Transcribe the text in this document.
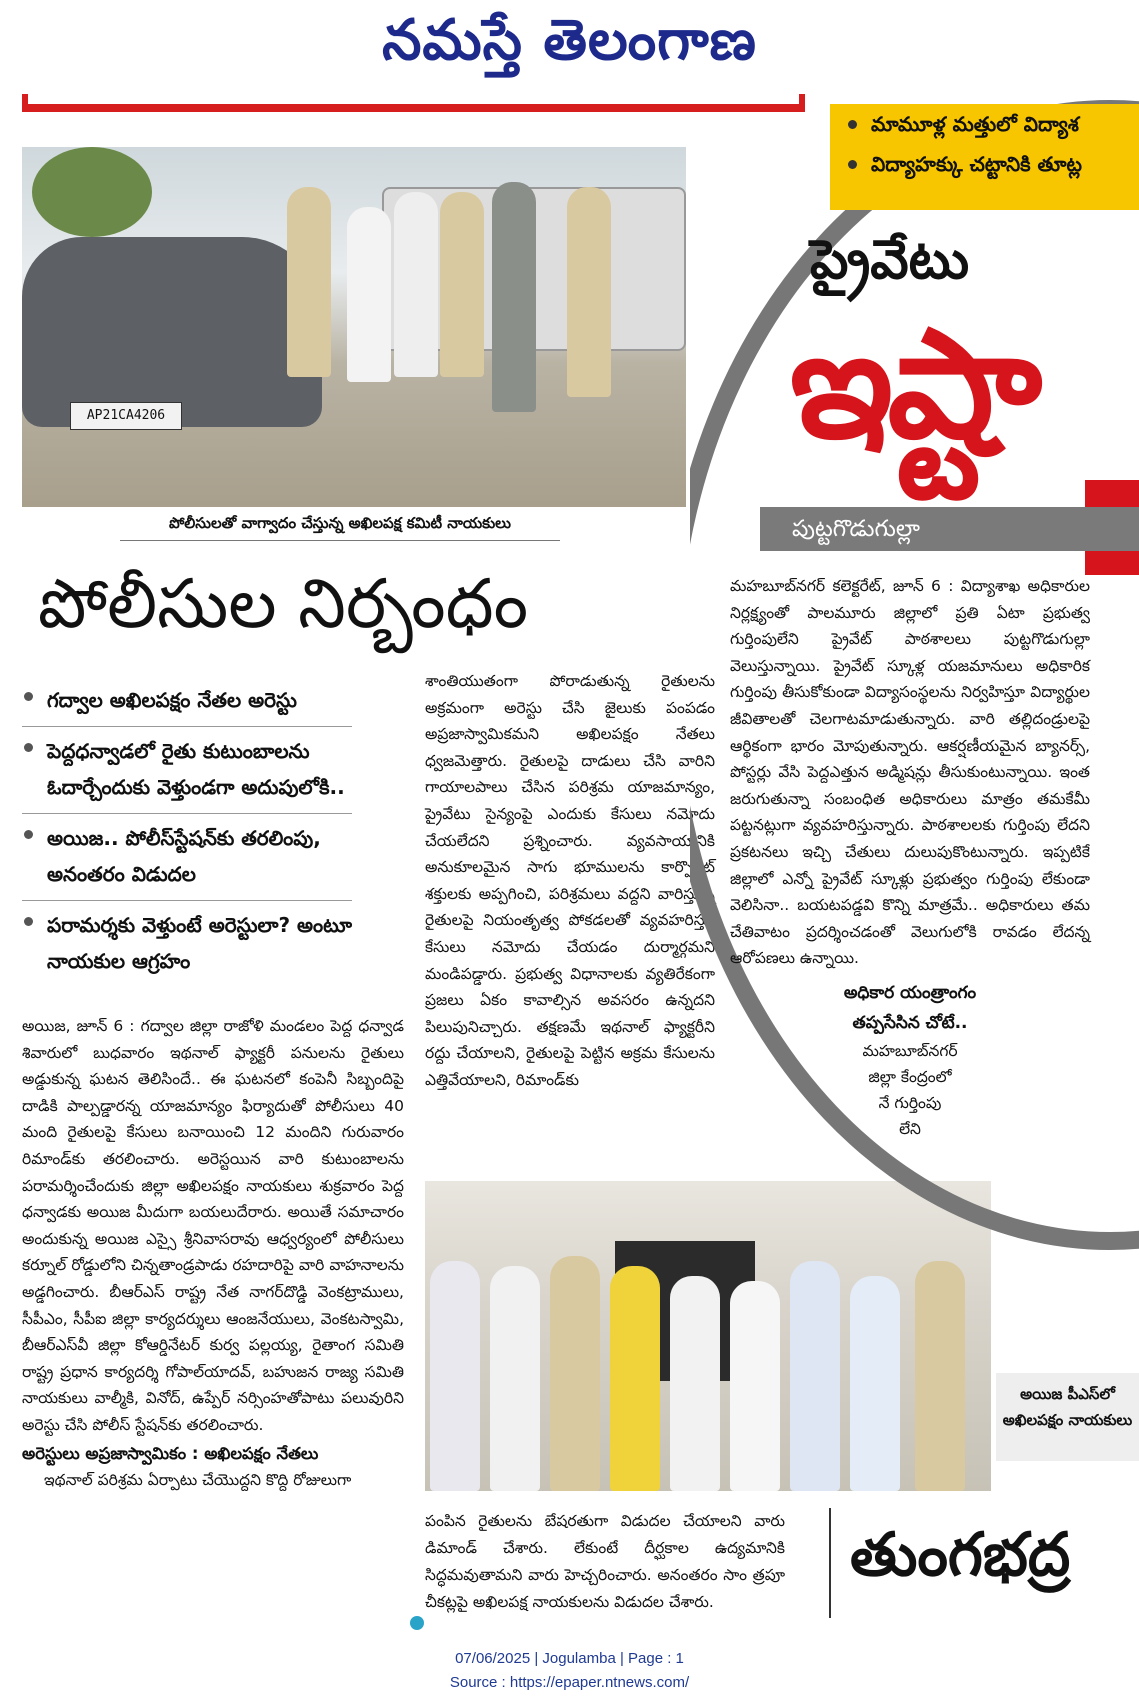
నమస్తే తెలంగాణ
AP21CA4206
పోలీసులతో వాగ్వాదం చేస్తున్న అఖిలపక్ష కమిటీ నాయకులు
పోలీసుల నిర్బంధం
గద్వాల అఖిలపక్షం నేతల అరెస్టు
పెద్దధన్వాడలో రైతు కుటుంబాలను ఓదార్చేందుకు వెళ్తుండగా అదుపులోకి..
అయిజ.. పోలీస్‌స్టేషన్‌కు తరలింపు, అనంతరం విడుదల
పరామర్శకు వెళ్తుంటే అరెస్టులా? అంటూ నాయకుల ఆగ్రహం
అయిజ, జూన్ 6 : గద్వాల జిల్లా రాజోళి మండలం పెద్ద ధన్వాడ శివారులో బుధవారం ఇథనాల్ ఫ్యాక్టరీ పనులను రైతులు అడ్డుకున్న ఘటన తెలిసిందే.. ఈ ఘటనలో కంపెనీ సిబ్బందిపై దాడికి పాల్పడ్డారన్న యాజమాన్యం ఫిర్యాదుతో పోలీసులు 40 మంది రైతులపై కేసులు బనాయించి 12 మందిని గురువారం రిమాండ్‌కు తరలించారు. అరెస్టయిన వారి కుటుంబాలను పరామర్శించేందుకు జిల్లా అఖిలపక్షం నాయకులు శుక్రవారం పెద్ద ధన్వాడకు అయిజ మీదుగా బయలుదేరారు. అయితే సమాచారం అందుకున్న అయిజ ఎస్సై శ్రీనివాసరావు ఆధ్వర్యంలో పోలీసులు కర్నూల్ రోడ్డులోని చిన్నతాండ్రపాడు రహదారిపై వారి వాహనాలను అడ్డగించారు. బీఆర్‌ఎస్ రాష్ట్ర నేత నాగర్‌దొడ్డి వెంకట్రాములు, సీపీఎం, సీపీఐ జిల్లా కార్యదర్శులు ఆంజనేయులు, వెంకటస్వామి, బీఆర్‌ఎస్‌వీ జిల్లా కోఆర్డినేటర్ కుర్వ పల్లయ్య, రైతాంగ సమితి రాష్ట్ర ప్రధాన కార్యదర్శి గోపాల్‌యాదవ్, బహుజన రాజ్య సమితి నాయకులు వాల్మీకి, వినోద్, ఉప్పేర్ నర్సింహతోపాటు పలువురిని అరెస్టు చేసి పోలీస్ స్టేషన్‌కు తరలించారు.
అరెస్టులు అప్రజాస్వామికం : అఖిలపక్షం నేతలు
ఇథనాల్ పరిశ్రమ ఏర్పాటు చేయొద్దని కొద్ది రోజులుగా
శాంతియుతంగా పోరాడుతున్న రైతులను అక్రమంగా అరెస్టు చేసి జైలుకు పంపడం అప్రజాస్వామికమని అఖిలపక్షం నేతలు ధ్వజమెత్తారు. రైతులపై దాడులు చేసి వారిని గాయాలపాలు చేసిన పరిశ్రమ యాజమాన్యం, ప్రైవేటు సైన్యంపై ఎందుకు కేసులు నమోదు చేయలేదని ప్రశ్నించారు. వ్యవసాయానికి అనుకూలమైన సాగు భూములను కార్పొరేట్ శక్తులకు అప్పగించి, పరిశ్రమలు వద్దని వారిస్తున్న రైతులపై నియంతృత్వ పోకడలతో వ్యవహరిస్తూ కేసులు నమోదు చేయడం దుర్మార్గమని మండిపడ్డారు. ప్రభుత్వ విధానాలకు వ్యతిరేకంగా ప్రజలు ఏకం కావాల్సిన అవసరం ఉన్నదని పిలుపునిచ్చారు. తక్షణమే ఇథనాల్ ఫ్యాక్టరీని రద్దు చేయాలని, రైతులపై పెట్టిన అక్రమ కేసులను ఎత్తివేయాలని, రిమాండ్‌కు
అయిజ పీఎస్‌లో అఖిలపక్షం నాయకులు
పంపిన రైతులను బేషరతుగా విడుదల చేయాలని వారు డిమాండ్ చేశారు. లేకుంటే దీర్ఘకాల ఉద్యమానికి సిద్ధమవుతామని వారు హెచ్చరించారు. అనంతరం సాం త్రపూ చీకట్లపై అఖిలపక్ష నాయకులను విడుదల చేశారు.
మామూళ్ల మత్తులో విద్యాశ
విద్యాహక్కు చట్టానికి తూట్ల
ప్రైవేటు
ఇష్టా
పుట్టగొడుగుల్లా
మహబూబ్‌నగర్ కలెక్టరేట్, జూన్ 6 : విద్యాశాఖ అధికారుల నిర్లక్ష్యంతో పాలమూరు జిల్లాలో ప్రతి ఏటా ప్రభుత్వ గుర్తింపులేని ప్రైవేట్ పాఠశాలలు పుట్టగొడుగుల్లా వెలుస్తున్నాయి. ప్రైవేట్ స్కూళ్ల యజమానులు అధికారిక గుర్తింపు తీసుకోకుండా విద్యాసంస్థలను నిర్వహిస్తూ విద్యార్థుల జీవితాలతో చెలగాటమాడుతున్నారు. వారి తల్లిదండ్రులపై ఆర్థికంగా భారం మోపుతున్నారు. ఆకర్షణీయమైన బ్యానర్స్, పోస్టర్లు వేసి పెద్దఎత్తున అడ్మిషన్లు తీసుకుంటున్నాయి. ఇంత జరుగుతున్నా సంబంధిత అధికారులు మాత్రం తమకేమీ పట్టనట్లుగా వ్యవహరిస్తున్నారు. పాఠశాలలకు గుర్తింపు లేదని ప్రకటనలు ఇచ్చి చేతులు దులుపుకొంటున్నారు. ఇప్పటికే జిల్లాలో ఎన్నో ప్రైవేట్ స్కూళ్లు ప్రభుత్వం గుర్తింపు లేకుండా వెలిసినా.. బయటపడ్డవి కొన్ని మాత్రమే.. అధికారులు తమ చేతివాటం ప్రదర్శించడంతో వెలుగులోకి రావడం లేదన్న ఆరోపణలు ఉన్నాయి.
అధికార యంత్రాంగం
తప్పసేసిన చోటే..
మహబూబ్‌నగర్
జిల్లా కేంద్రంలో
నే గుర్తింపు
లేని
తుంగభద్ర
07/06/2025 | Jogulamba | Page : 1
Source : https://epaper.ntnews.com/
